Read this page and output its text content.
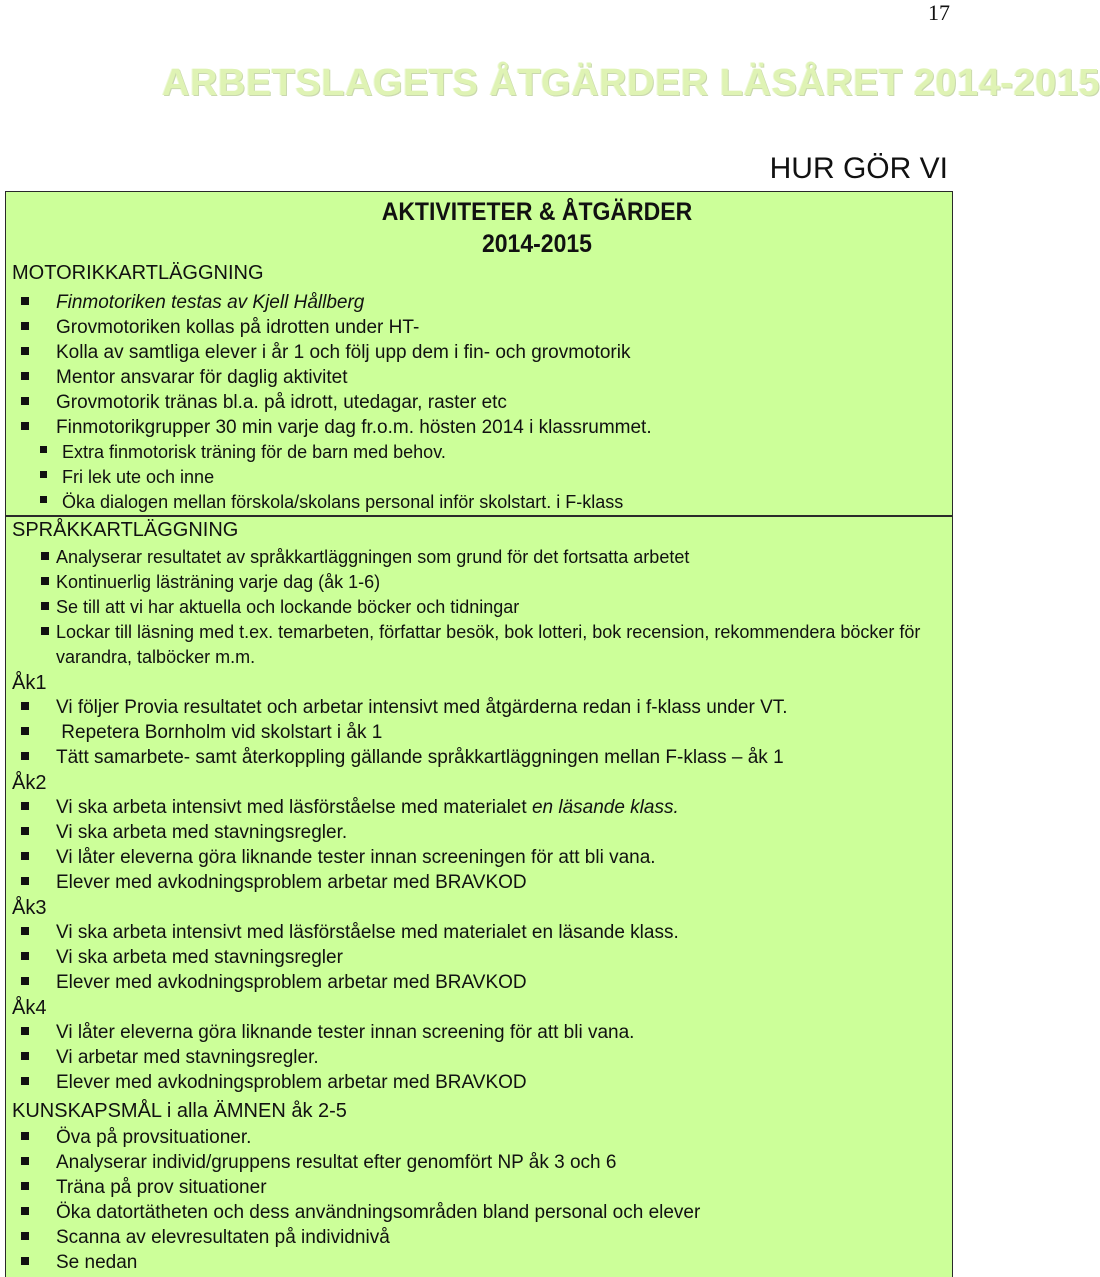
17
ARBETSLAGETS ÅTGÄRDER LÄSÅRET 2014-2015
HUR GÖR VI
AKTIVITETER & ÅTGÄRDER
2014-2015
MOTORIKKARTLÄGGNING
Finmotoriken testas av Kjell Hållberg
Grovmotoriken kollas på idrotten under HT-
Kolla av samtliga elever i år 1 och följ upp dem i fin- och grovmotorik
Mentor ansvarar för daglig aktivitet
Grovmotorik tränas bl.a. på idrott, utedagar, raster etc
Finmotorikgrupper 30 min varje dag fr.o.m. hösten 2014 i klassrummet.
Extra finmotorisk träning för de barn med behov.
Fri lek ute och inne
Öka dialogen mellan förskola/skolans personal inför skolstart. i F-klass
SPRÅKKARTLÄGGNING
Analyserar resultatet av språkkartläggningen som grund för det fortsatta arbetet
Kontinuerlig lästräning varje dag (åk 1-6)
Se till att vi har aktuella och lockande böcker och tidningar
Lockar till läsning med t.ex. temarbeten, författar besök, bok lotteri, bok recension, rekommendera böcker för
varandra, talböcker m.m.
Åk1
Vi följer Provia resultatet och arbetar intensivt med åtgärderna redan i f-klass under VT.
Repetera Bornholm vid skolstart i åk 1
Tätt samarbete- samt återkoppling gällande språkkartläggningen mellan F-klass – åk 1
Åk2
Vi ska arbeta intensivt med läsförståelse med materialet en läsande klass.
Vi ska arbeta med stavningsregler.
Vi låter eleverna göra liknande tester innan screeningen för att bli vana.
Elever med avkodningsproblem arbetar med BRAVKOD
Åk3
Vi ska arbeta intensivt med läsförståelse med materialet en läsande klass.
Vi ska arbeta med stavningsregler
Elever med avkodningsproblem arbetar med BRAVKOD
Åk4
Vi låter eleverna göra liknande tester innan screening för att bli vana.
Vi arbetar med stavningsregler.
Elever med avkodningsproblem arbetar med BRAVKOD
KUNSKAPSMÅL i alla ÄMNEN åk 2-5
Öva på provsituationer.
Analyserar individ/gruppens resultat efter genomfört NP åk 3 och 6
Träna på prov situationer
Öka datortätheten och dess användningsområden bland personal och elever
Scanna av elevresultaten på individnivå
Se nedan
